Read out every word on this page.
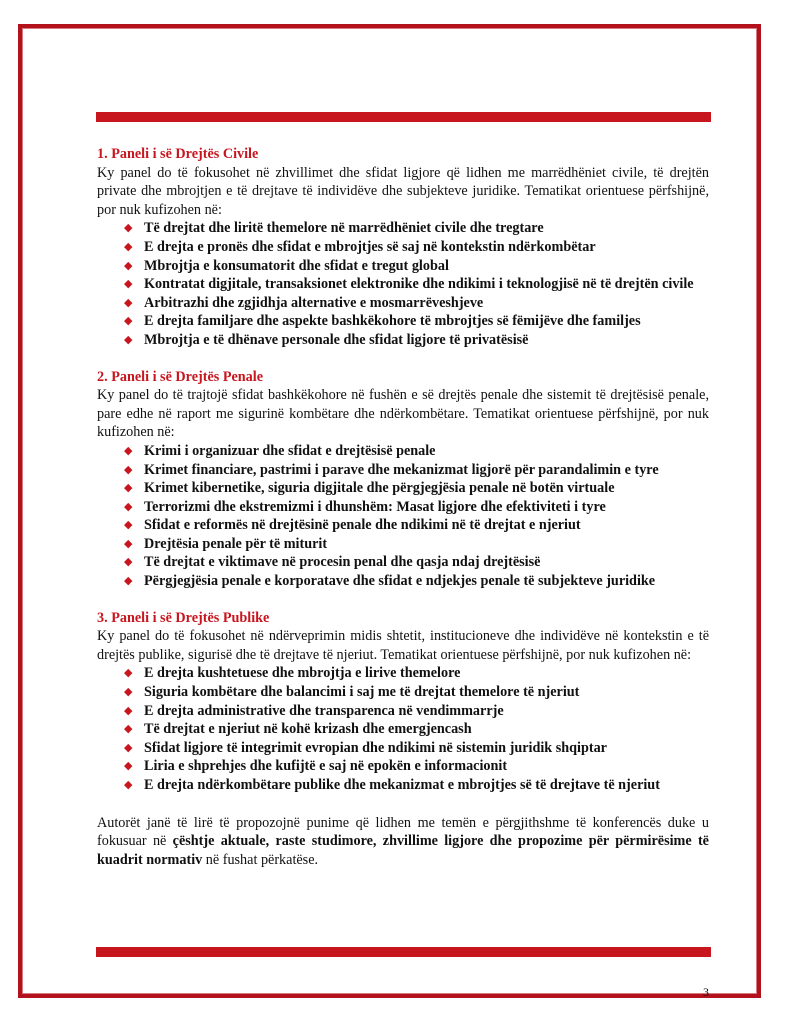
1. Paneli i së Drejtës Civile

Ky panel do të fokusohet në zhvillimet dhe sfidat ligjore që lidhen me marrëdhëniet civile, të drejtën private dhe mbrojtjen e të drejtave të individëve dhe subjekteve juridike. Tematikat orientuese përfshijnë, por nuk kufizohen në:

◆ Të drejtat dhe liritë themelore në marrëdhëniet civile dhe tregtare
◆ E drejta e pronës dhe sfidat e mbrojtjes së saj në kontekstin ndërkombëtar
◆ Mbrojtja e konsumatorit dhe sfidat e tregut global
◆ Kontratat digjitale, transaksionet elektronike dhe ndikimi i teknologjisë në të drejtën civile
◆ Arbitrazhi dhe zgjidhja alternative e mosmarrëveshjeve
◆ E drejta familjare dhe aspekte bashkëkohore të mbrojtjes së fëmijëve dhe familjes
◆ Mbrojtja e të dhënave personale dhe sfidat ligjore të privatësisë
2. Paneli i së Drejtës Penale

Ky panel do të trajtojë sfidat bashkëkohore në fushën e së drejtës penale dhe sistemit të drejtësisë penale, pare edhe në raport me sigurinë kombëtare dhe ndërkombëtare. Tematikat orientuese përfshijnë, por nuk kufizohen në:

◆ Krimi i organizuar dhe sfidat e drejtësisë penale
◆ Krimet financiare, pastrimi i parave dhe mekanizmat ligjorë për parandalimin e tyre
◆ Krimet kibernetike, siguria digjitale dhe përgjegjësia penale në botën virtuale
◆ Terrorizmi dhe ekstremizmi i dhunshëm: Masat ligjore dhe efektiviteti i tyre
◆ Sfidat e reformës në drejtësinë penale dhe ndikimi në të drejtat e njeriut
◆ Drejtësia penale për të miturit
◆ Të drejtat e viktimave në procesin penal dhe qasja ndaj drejtësisë
◆ Përgjegjësia penale e korporatave dhe sfidat e ndjekjes penale të subjekteve juridike
3. Paneli i së Drejtës Publike

Ky panel do të fokusohet në ndërveprimin midis shtetit, institucioneve dhe individëve në kontekstin e të drejtës publike, sigurisë dhe të drejtave të njeriut. Tematikat orientuese përfshijnë, por nuk kufizohen në:

◆ E drejta kushtetuese dhe mbrojtja e lirive themelore
◆ Siguria kombëtare dhe balancimi i saj me të drejtat themelore të njeriut
◆ E drejta administrative dhe transparenca në vendimmarrje
◆ Të drejtat e njeriut në kohë krizash dhe emergjencash
◆ Sfidat ligjore të integrimit evropian dhe ndikimi në sistemin juridik shqiptar
◆ Liria e shprehjes dhe kufijtë e saj në epokën e informacionit
◆ E drejta ndërkombëtare publike dhe mekanizmat e mbrojtjes së të drejtave të njeriut

Autorët janë të lirë të propozojnë punime që lidhen me temën e përgjithshme të konferencës duke u fokusuar në çështje aktuale, raste studimore, zhvillime ligjore dhe propozime për përmirësime të kuadrit normativ në fushat përkatëse.

3
